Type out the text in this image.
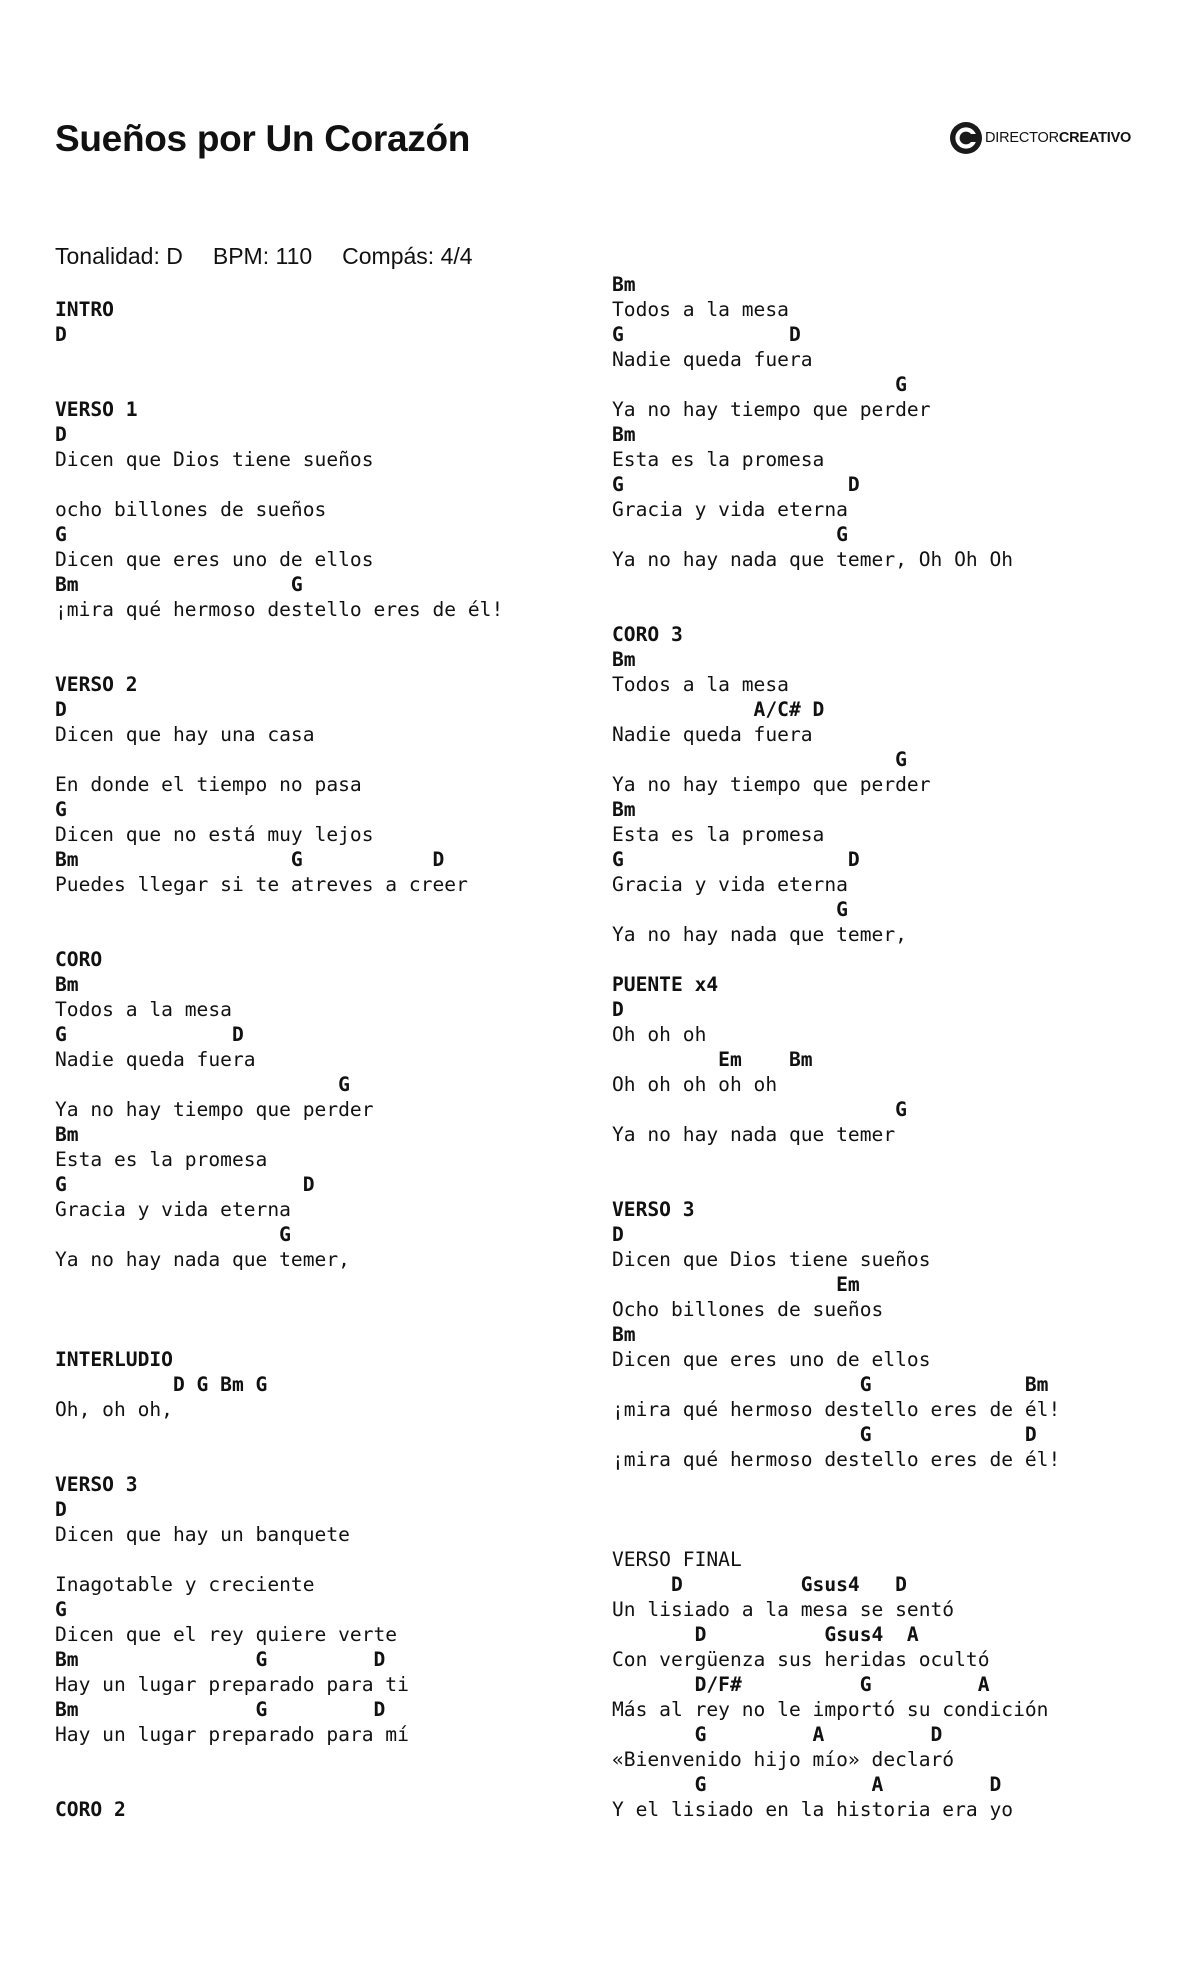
Sueños por Un Corazón	DIRECTORCREATIVO
Tonalidad: D BPM: 110 Compás: 4/4
INTRO
D
VERSO 1
D
Dicen que Dios tiene sueños
ocho billones de sueños
G
Dicen que eres uno de ellos
Bm                  G
¡mira qué hermoso destello eres de él!
VERSO 2
D
Dicen que hay una casa
En donde el tiempo no pasa
G
Dicen que no está muy lejos
Bm                  G           D
Puedes llegar si te atreves a creer
CORO
Bm
Todos a la mesa
G              D
Nadie queda fuera
G
Ya no hay tiempo que perder
Bm
Esta es la promesa
G                    D
Gracia y vida eterna
G
Ya no hay nada que temer,
INTERLUDIO
D G Bm G
Oh, oh oh,
VERSO 3
D
Dicen que hay un banquete
Inagotable y creciente
G
Dicen que el rey quiere verte
Bm               G         D
Hay un lugar preparado para ti
Bm               G         D
Hay un lugar preparado para mí
CORO 2
Bm
Todos a la mesa
G              D
Nadie queda fuera
G
Ya no hay tiempo que perder
Bm
Esta es la promesa
G                   D
Gracia y vida eterna
G
Ya no hay nada que temer, Oh Oh Oh
CORO 3
Bm
Todos a la mesa
A/C# D
Nadie queda fuera
G
Ya no hay tiempo que perder
Bm
Esta es la promesa
G                   D
Gracia y vida eterna
G
Ya no hay nada que temer,
PUENTE x4
D
Oh oh oh
Em    Bm
Oh oh oh oh oh
G
Ya no hay nada que temer
VERSO 3
D
Dicen que Dios tiene sueños
Em
Ocho billones de sueños
Bm
Dicen que eres uno de ellos
G             Bm
¡mira qué hermoso destello eres de él!
G             D
¡mira qué hermoso destello eres de él!
VERSO FINAL
D          Gsus4   D
Un lisiado a la mesa se sentó
D          Gsus4  A
Con vergüenza sus heridas ocultó
D/F#          G         A
Más al rey no le importó su condición
G         A         D
«Bienvenido hijo mío» declaró
G              A         D
Y el lisiado en la historia era yo
